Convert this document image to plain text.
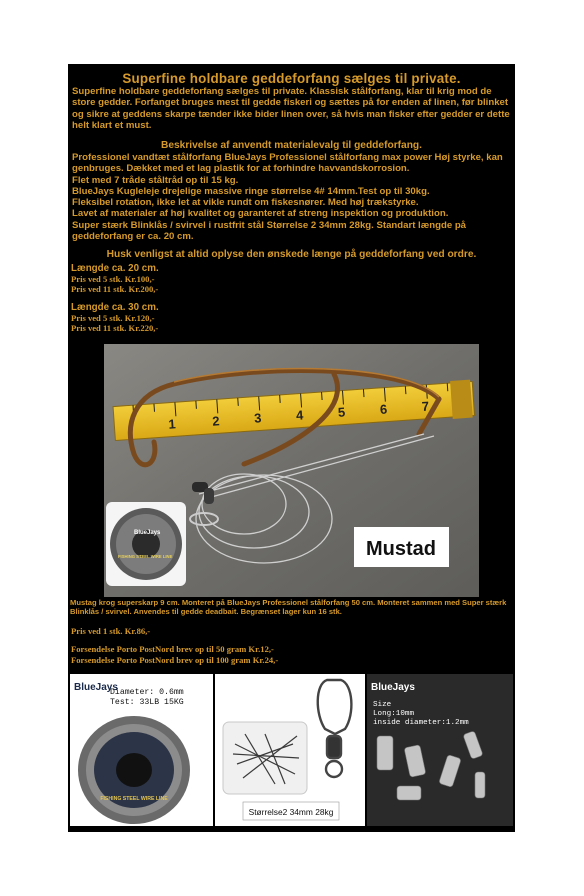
Superfine holdbare geddeforfang sælges til private.
Superfine holdbare geddeforfang sælges til private. Klassisk stålforfang, klar til krig mod de store gedder. Forfanget bruges mest til gedde fiskeri og sættes på for enden af linen, før blinket og sikre at geddens skarpe tænder ikke bider linen over, så hvis man fisker efter gedder er dette helt klart et must.
Beskrivelse af anvendt materialevalg til geddeforfang.
Professionel vandtæt stålforfang BlueJays Professionel stålforfang max power Høj styrke, kan genbruges. Dækket med et lag plastik for at forhindre havvandskorrosion.
Flet med 7 tråde ståltråd op til 15 kg.
BlueJays Kugleleje drejelige massive ringe størrelse 4# 14mm.Test op til 30kg.
Fleksibel rotation, ikke let at vikle rundt om fiskesnører. Med høj trækstyrke.
Lavet af materialer af høj kvalitet og garanteret af streng inspektion og produktion.
Super stærk Blinklås / svirvel i rustfrit stål Størrelse 2 34mm 28kg. Standart længde på geddeforfang er ca. 20 cm.
Husk venligst at altid oplyse den ønskede længe på geddeforfang ved ordre.
Længde ca. 20 cm.
Pris ved 5 stk. Kr.100,-
Pris ved 11 stk. Kr.200,-
Længde ca. 30 cm.
Pris ved 5 stk. Kr.120,-
Pris ved 11 stk. Kr.220,-
1	2	3	4	5	6	7
BlueJays
FISHING STEEL WIRE LINE	Mustad
Mustag krog superskarp 9 cm. Monteret på BlueJays Professionel stålforfang 50 cm. Monteret sammen med Super stærk Blinklås / svirvel. Anvendes til gedde deadbait. Begrænset lager kun 16 stk.
Pris ved 1 stk. Kr.86,-
Forsendelse Porto PostNord brev op til 50 gram Kr.12,-
Forsendelse Porto PostNord brev op til 100 gram Kr.24,-
BlueJays
Diameter: 0.6mm
Test: 33LB 15KG
FISHING STEEL WIRE LINE
Størrelse2 34mm 28kg
BlueJays
Size
Long:10mm
inside diameter:1.2mm
